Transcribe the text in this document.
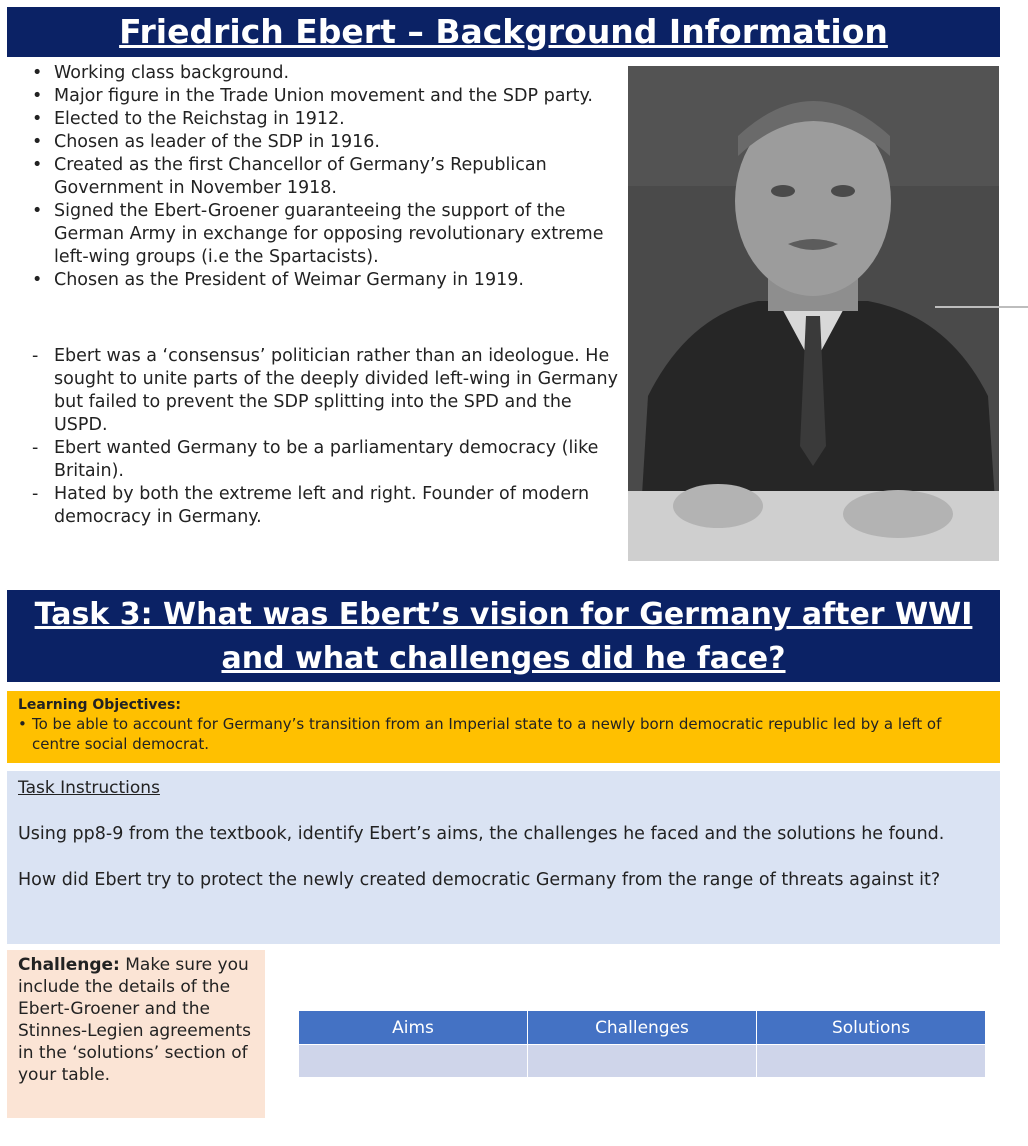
Friedrich Ebert – Background Information
• Working class background.
• Major figure in the Trade Union movement and the SDP party.
• Elected to the Reichstag in 1912.
• Chosen as leader of the SDP in 1916.
• Created as the first Chancellor of Germany’s Republican Government in November 1918.
• Signed the Ebert-Groener guaranteeing the support of the German Army in exchange for opposing revolutionary extreme left-wing groups (i.e the Spartacists).
• Chosen as the President of Weimar Germany in 1919.
- Ebert was a ‘consensus’ politician rather than an ideologue. He sought to unite parts of the deeply divided left-wing in Germany but failed to prevent the SDP splitting into the SPD and the USPD.
- Ebert wanted Germany to be a parliamentary democracy (like Britain).
- Hated by both the extreme left and right. Founder of modern democracy in Germany.
Task 3: What was Ebert’s vision for Germany after WWI
and what challenges did he face?
Learning Objectives:
• To be able to account for Germany’s transition from an Imperial state to a newly born democratic republic led by a left of centre social democrat.
Task Instructions

Using pp8-9 from the textbook, identify Ebert’s aims, the challenges he faced and the solutions he found.

How did Ebert try to protect the newly created democratic Germany from the range of threats against it?

Challenge: Make sure you include the details of the Ebert-Groener and the Stinnes-Legien agreements in the ‘solutions’ section of your table.
Aims	Challenges	Solutions
